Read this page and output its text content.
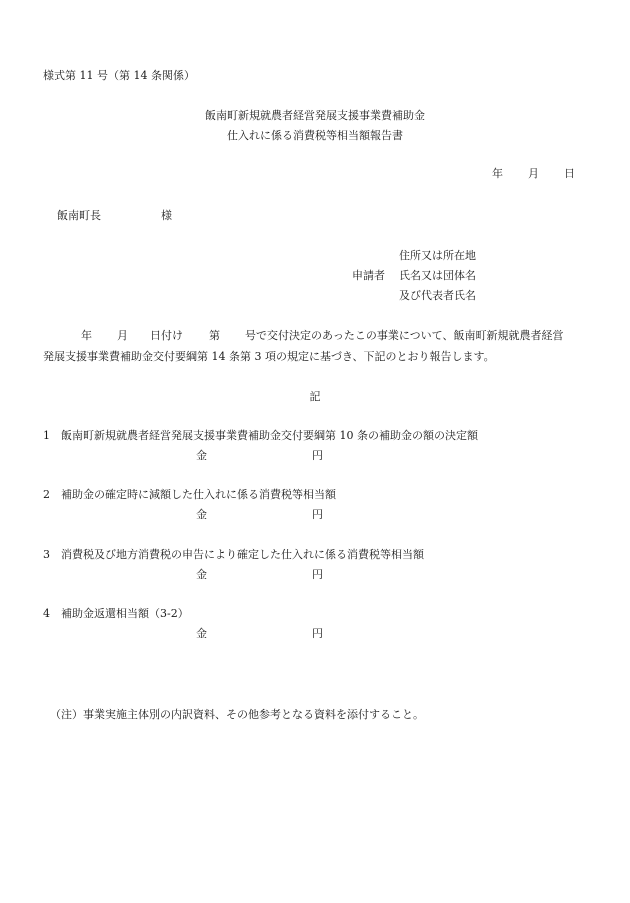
様式第 11 号（第 14 条関係）
飯南町新規就農者経営発展支援事業費補助金
仕入れに係る消費税等相当額報告書
年 月 日
飯南町長	様
住所又は所在地
申請者 氏名又は団体名
及び代表者氏名
年 月 日付け 第 号で交付決定のあったこの事業について、飯南町新規就農者経営
発展支援事業費補助金交付要綱第 14 条第 3 項の規定に基づき、下記のとおり報告します。
記
1 飯南町新規就農者経営発展支援事業費補助金交付要綱第 10 条の補助金の額の決定額
金	円
2 補助金の確定時に減額した仕入れに係る消費税等相当額
金	円
3 消費税及び地方消費税の申告により確定した仕入れに係る消費税等相当額
金	円
4 補助金返還相当額（3-2）
金	円
（注）事業実施主体別の内訳資料、その他参考となる資料を添付すること。
